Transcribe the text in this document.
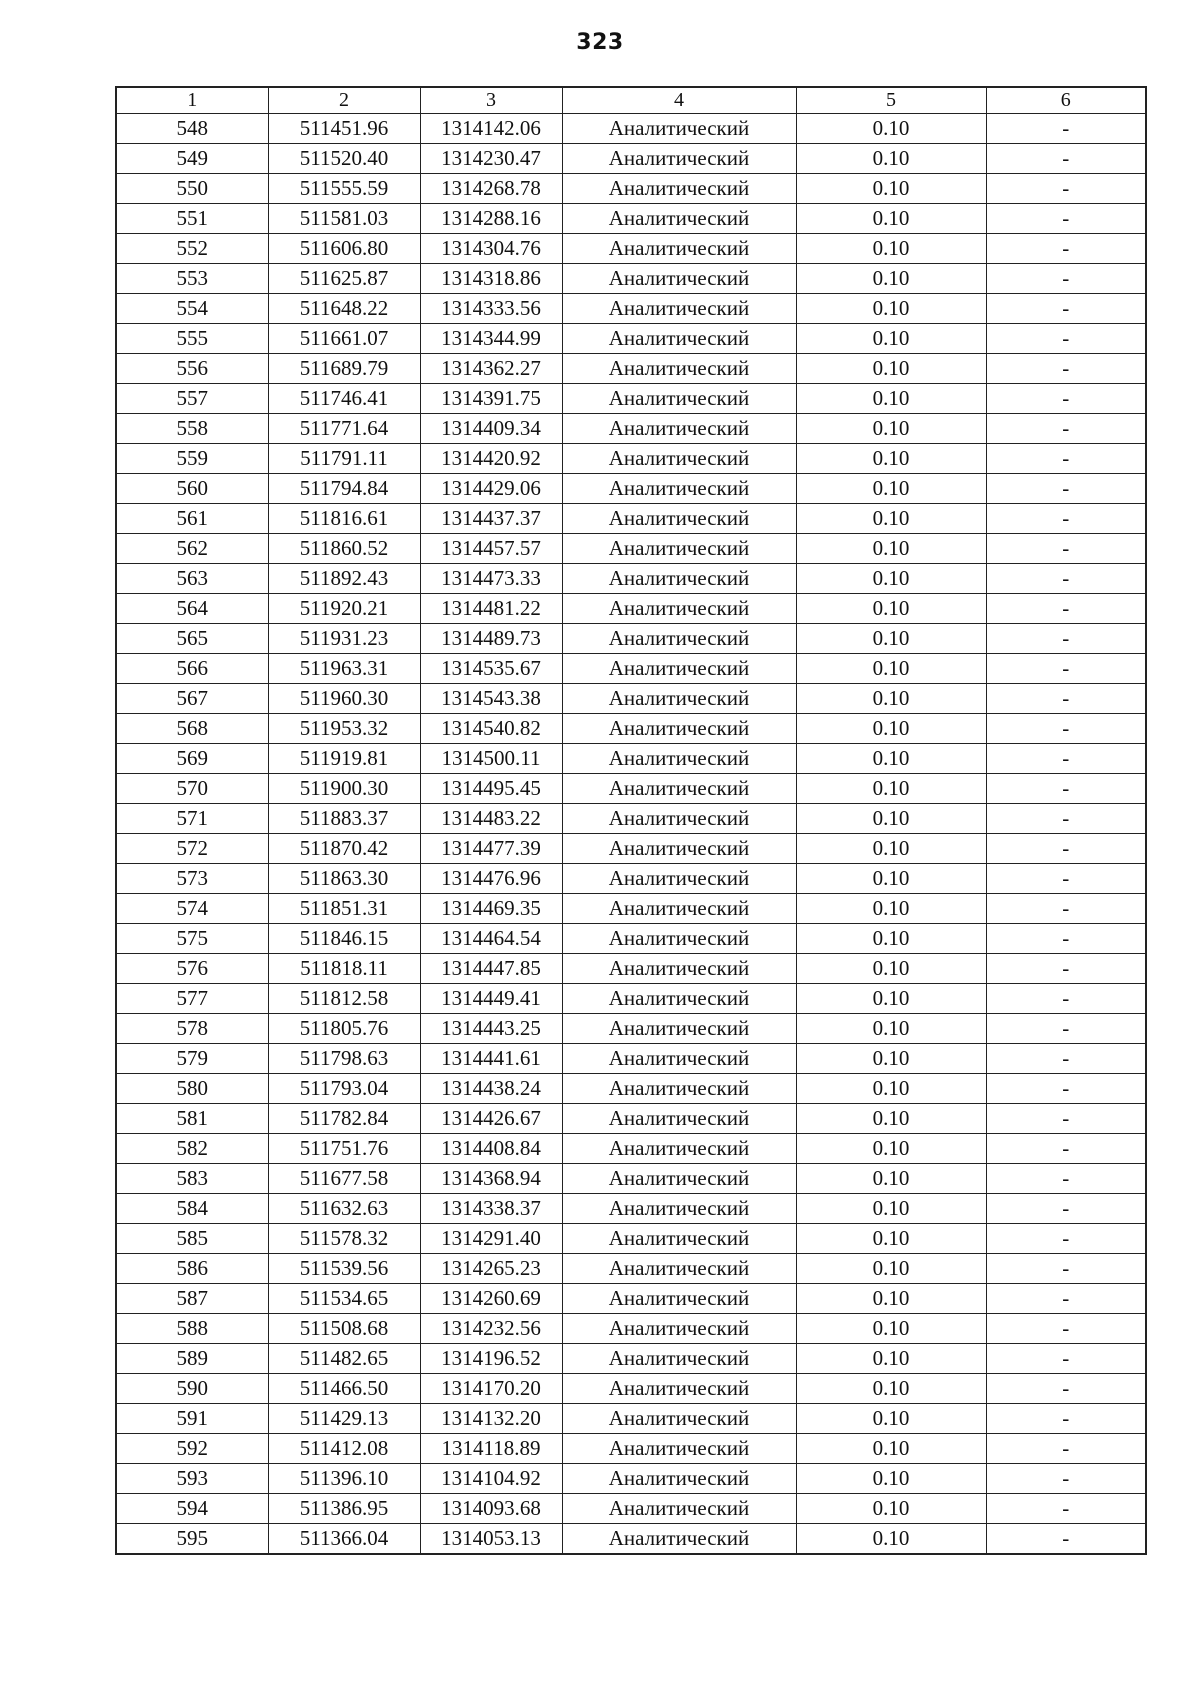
323
1	2	3	4	5	6
548	511451.96	1314142.06	Аналитический	0.10	-
549	511520.40	1314230.47	Аналитический	0.10	-
550	511555.59	1314268.78	Аналитический	0.10	-
551	511581.03	1314288.16	Аналитический	0.10	-
552	511606.80	1314304.76	Аналитический	0.10	-
553	511625.87	1314318.86	Аналитический	0.10	-
554	511648.22	1314333.56	Аналитический	0.10	-
555	511661.07	1314344.99	Аналитический	0.10	-
556	511689.79	1314362.27	Аналитический	0.10	-
557	511746.41	1314391.75	Аналитический	0.10	-
558	511771.64	1314409.34	Аналитический	0.10	-
559	511791.11	1314420.92	Аналитический	0.10	-
560	511794.84	1314429.06	Аналитический	0.10	-
561	511816.61	1314437.37	Аналитический	0.10	-
562	511860.52	1314457.57	Аналитический	0.10	-
563	511892.43	1314473.33	Аналитический	0.10	-
564	511920.21	1314481.22	Аналитический	0.10	-
565	511931.23	1314489.73	Аналитический	0.10	-
566	511963.31	1314535.67	Аналитический	0.10	-
567	511960.30	1314543.38	Аналитический	0.10	-
568	511953.32	1314540.82	Аналитический	0.10	-
569	511919.81	1314500.11	Аналитический	0.10	-
570	511900.30	1314495.45	Аналитический	0.10	-
571	511883.37	1314483.22	Аналитический	0.10	-
572	511870.42	1314477.39	Аналитический	0.10	-
573	511863.30	1314476.96	Аналитический	0.10	-
574	511851.31	1314469.35	Аналитический	0.10	-
575	511846.15	1314464.54	Аналитический	0.10	-
576	511818.11	1314447.85	Аналитический	0.10	-
577	511812.58	1314449.41	Аналитический	0.10	-
578	511805.76	1314443.25	Аналитический	0.10	-
579	511798.63	1314441.61	Аналитический	0.10	-
580	511793.04	1314438.24	Аналитический	0.10	-
581	511782.84	1314426.67	Аналитический	0.10	-
582	511751.76	1314408.84	Аналитический	0.10	-
583	511677.58	1314368.94	Аналитический	0.10	-
584	511632.63	1314338.37	Аналитический	0.10	-
585	511578.32	1314291.40	Аналитический	0.10	-
586	511539.56	1314265.23	Аналитический	0.10	-
587	511534.65	1314260.69	Аналитический	0.10	-
588	511508.68	1314232.56	Аналитический	0.10	-
589	511482.65	1314196.52	Аналитический	0.10	-
590	511466.50	1314170.20	Аналитический	0.10	-
591	511429.13	1314132.20	Аналитический	0.10	-
592	511412.08	1314118.89	Аналитический	0.10	-
593	511396.10	1314104.92	Аналитический	0.10	-
594	511386.95	1314093.68	Аналитический	0.10	-
595	511366.04	1314053.13	Аналитический	0.10	-
